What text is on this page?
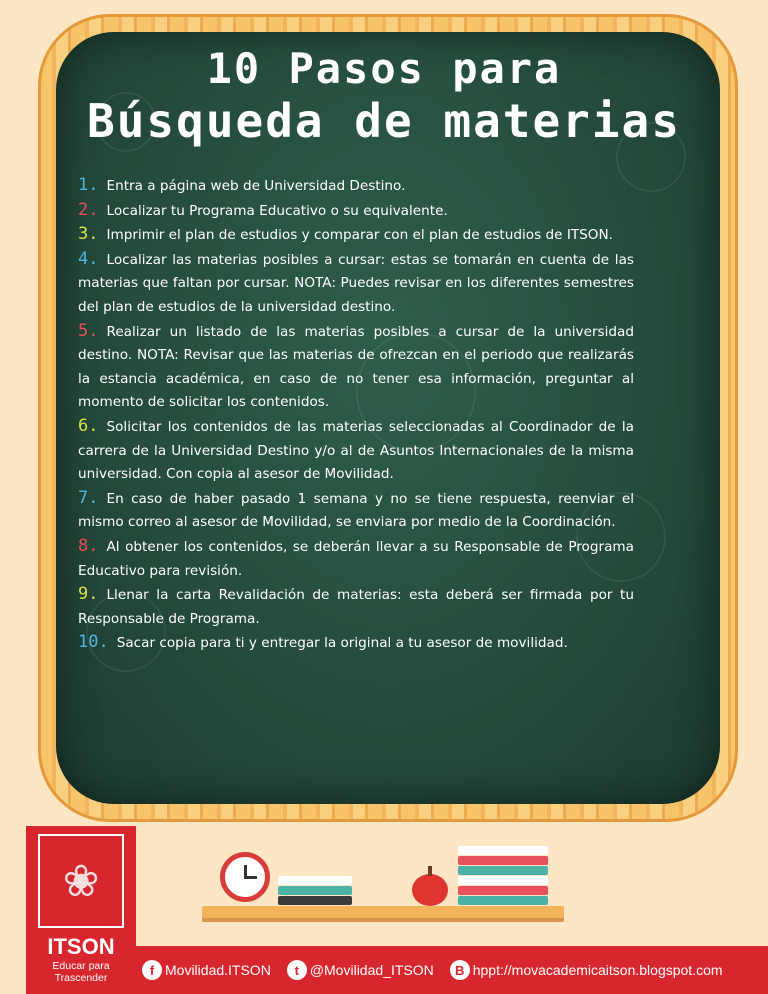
10 Pasos para
Búsqueda de materias
1. Entra a página web de Universidad Destino.
2. Localizar tu Programa Educativo o su equivalente.
3. Imprimir el plan de estudios y comparar con el plan de estudios de ITSON.
4. Localizar las materias posibles a cursar: estas se tomarán en cuenta de las materias que faltan por cursar. NOTA: Puedes revisar en los diferentes semestres del plan de estudios de la universidad destino.
5. Realizar un listado de las materias posibles a cursar de la universidad destino. NOTA: Revisar que las materias de ofrezcan en el periodo que realizarás la estancia académica, en caso de no tener esa información, preguntar al momento de solicitar los contenidos.
6. Solicitar los contenidos de las materias seleccionadas al Coordinador de la carrera de la Universidad Destino y/o al de Asuntos Internacionales de la misma universidad. Con copia al asesor de Movilidad.
7. En caso de haber pasado 1 semana y no se tiene respuesta, reenviar el mismo correo al asesor de Movilidad, se enviara por medio de la Coordinación.
8. Al obtener los contenidos, se deberán llevar a su Responsable de Programa Educativo para revisión.
9. Llenar la carta Revalidación de materias: esta deberá ser firmada por tu Responsable de Programa.
10. Sacar copia para ti y entregar la original a tu asesor de movilidad.
❀
ITSON
Educar para
Trascender
f Movilidad.ITSON	t @Movilidad_ITSON	B hppt://movacademicaitson.blogspot.com
